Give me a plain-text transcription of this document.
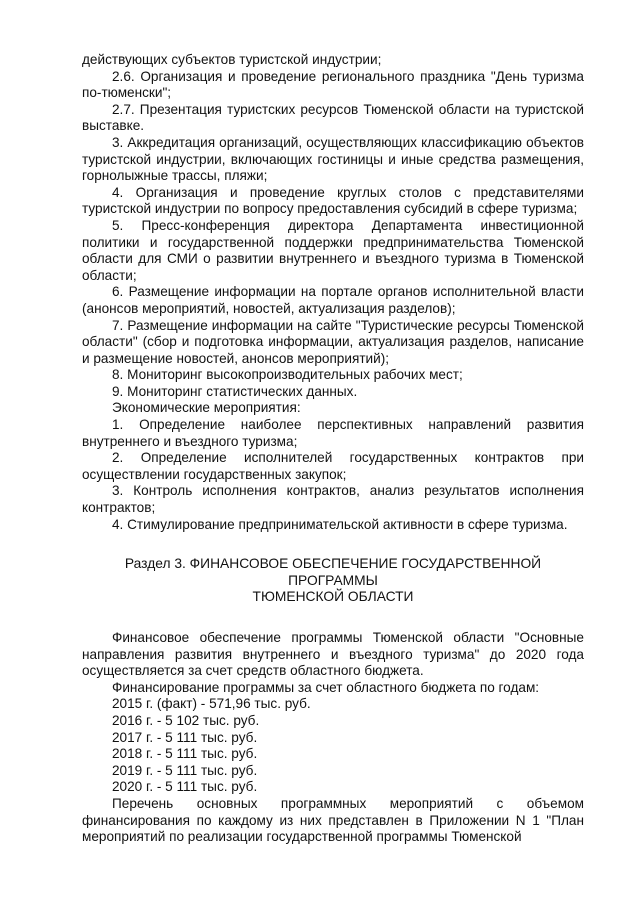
действующих субъектов туристской индустрии;

2.6. Организация и проведение регионального праздника "День туризма по-тюменски";

2.7. Презентация туристских ресурсов Тюменской области на туристской выставке.

3. Аккредитация организаций, осуществляющих классификацию объектов туристской индустрии, включающих гостиницы и иные средства размещения, горнолыжные трассы, пляжи;

4. Организация и проведение круглых столов с представителями туристской индустрии по вопросу предоставления субсидий в сфере туризма;

5. Пресс-конференция директора Департамента инвестиционной политики и государственной поддержки предпринимательства Тюменской области для СМИ о развитии внутреннего и въездного туризма в Тюменской области;

6. Размещение информации на портале органов исполнительной власти (анонсов мероприятий, новостей, актуализация разделов);

7. Размещение информации на сайте "Туристические ресурсы Тюменской области" (сбор и подготовка информации, актуализация разделов, написание и размещение новостей, анонсов мероприятий);

8. Мониторинг высокопроизводительных рабочих мест;

9. Мониторинг статистических данных.

Экономические мероприятия:

1. Определение наиболее перспективных направлений развития внутреннего и въездного туризма;

2. Определение исполнителей государственных контрактов при осуществлении государственных закупок;

3. Контроль исполнения контрактов, анализ результатов исполнения контрактов;

4. Стимулирование предпринимательской активности в сфере туризма.

Раздел 3. ФИНАНСОВОЕ ОБЕСПЕЧЕНИЕ ГОСУДАРСТВЕННОЙ
ПРОГРАММЫ
ТЮМЕНСКОЙ ОБЛАСТИ

Финансовое обеспечение программы Тюменской области "Основные направления развития внутреннего и въездного туризма" до 2020 года осуществляется за счет средств областного бюджета.

Финансирование программы за счет областного бюджета по годам:

2015 г. (факт) - 571,96 тыс. руб.

2016 г. - 5 102 тыс. руб.

2017 г. - 5 111 тыс. руб.

2018 г. - 5 111 тыс. руб.

2019 г. - 5 111 тыс. руб.

2020 г. - 5 111 тыс. руб.

Перечень основных программных мероприятий с объемом финансирования по каждому из них представлен в Приложении N 1 "План мероприятий по реализации государственной программы Тюменской
